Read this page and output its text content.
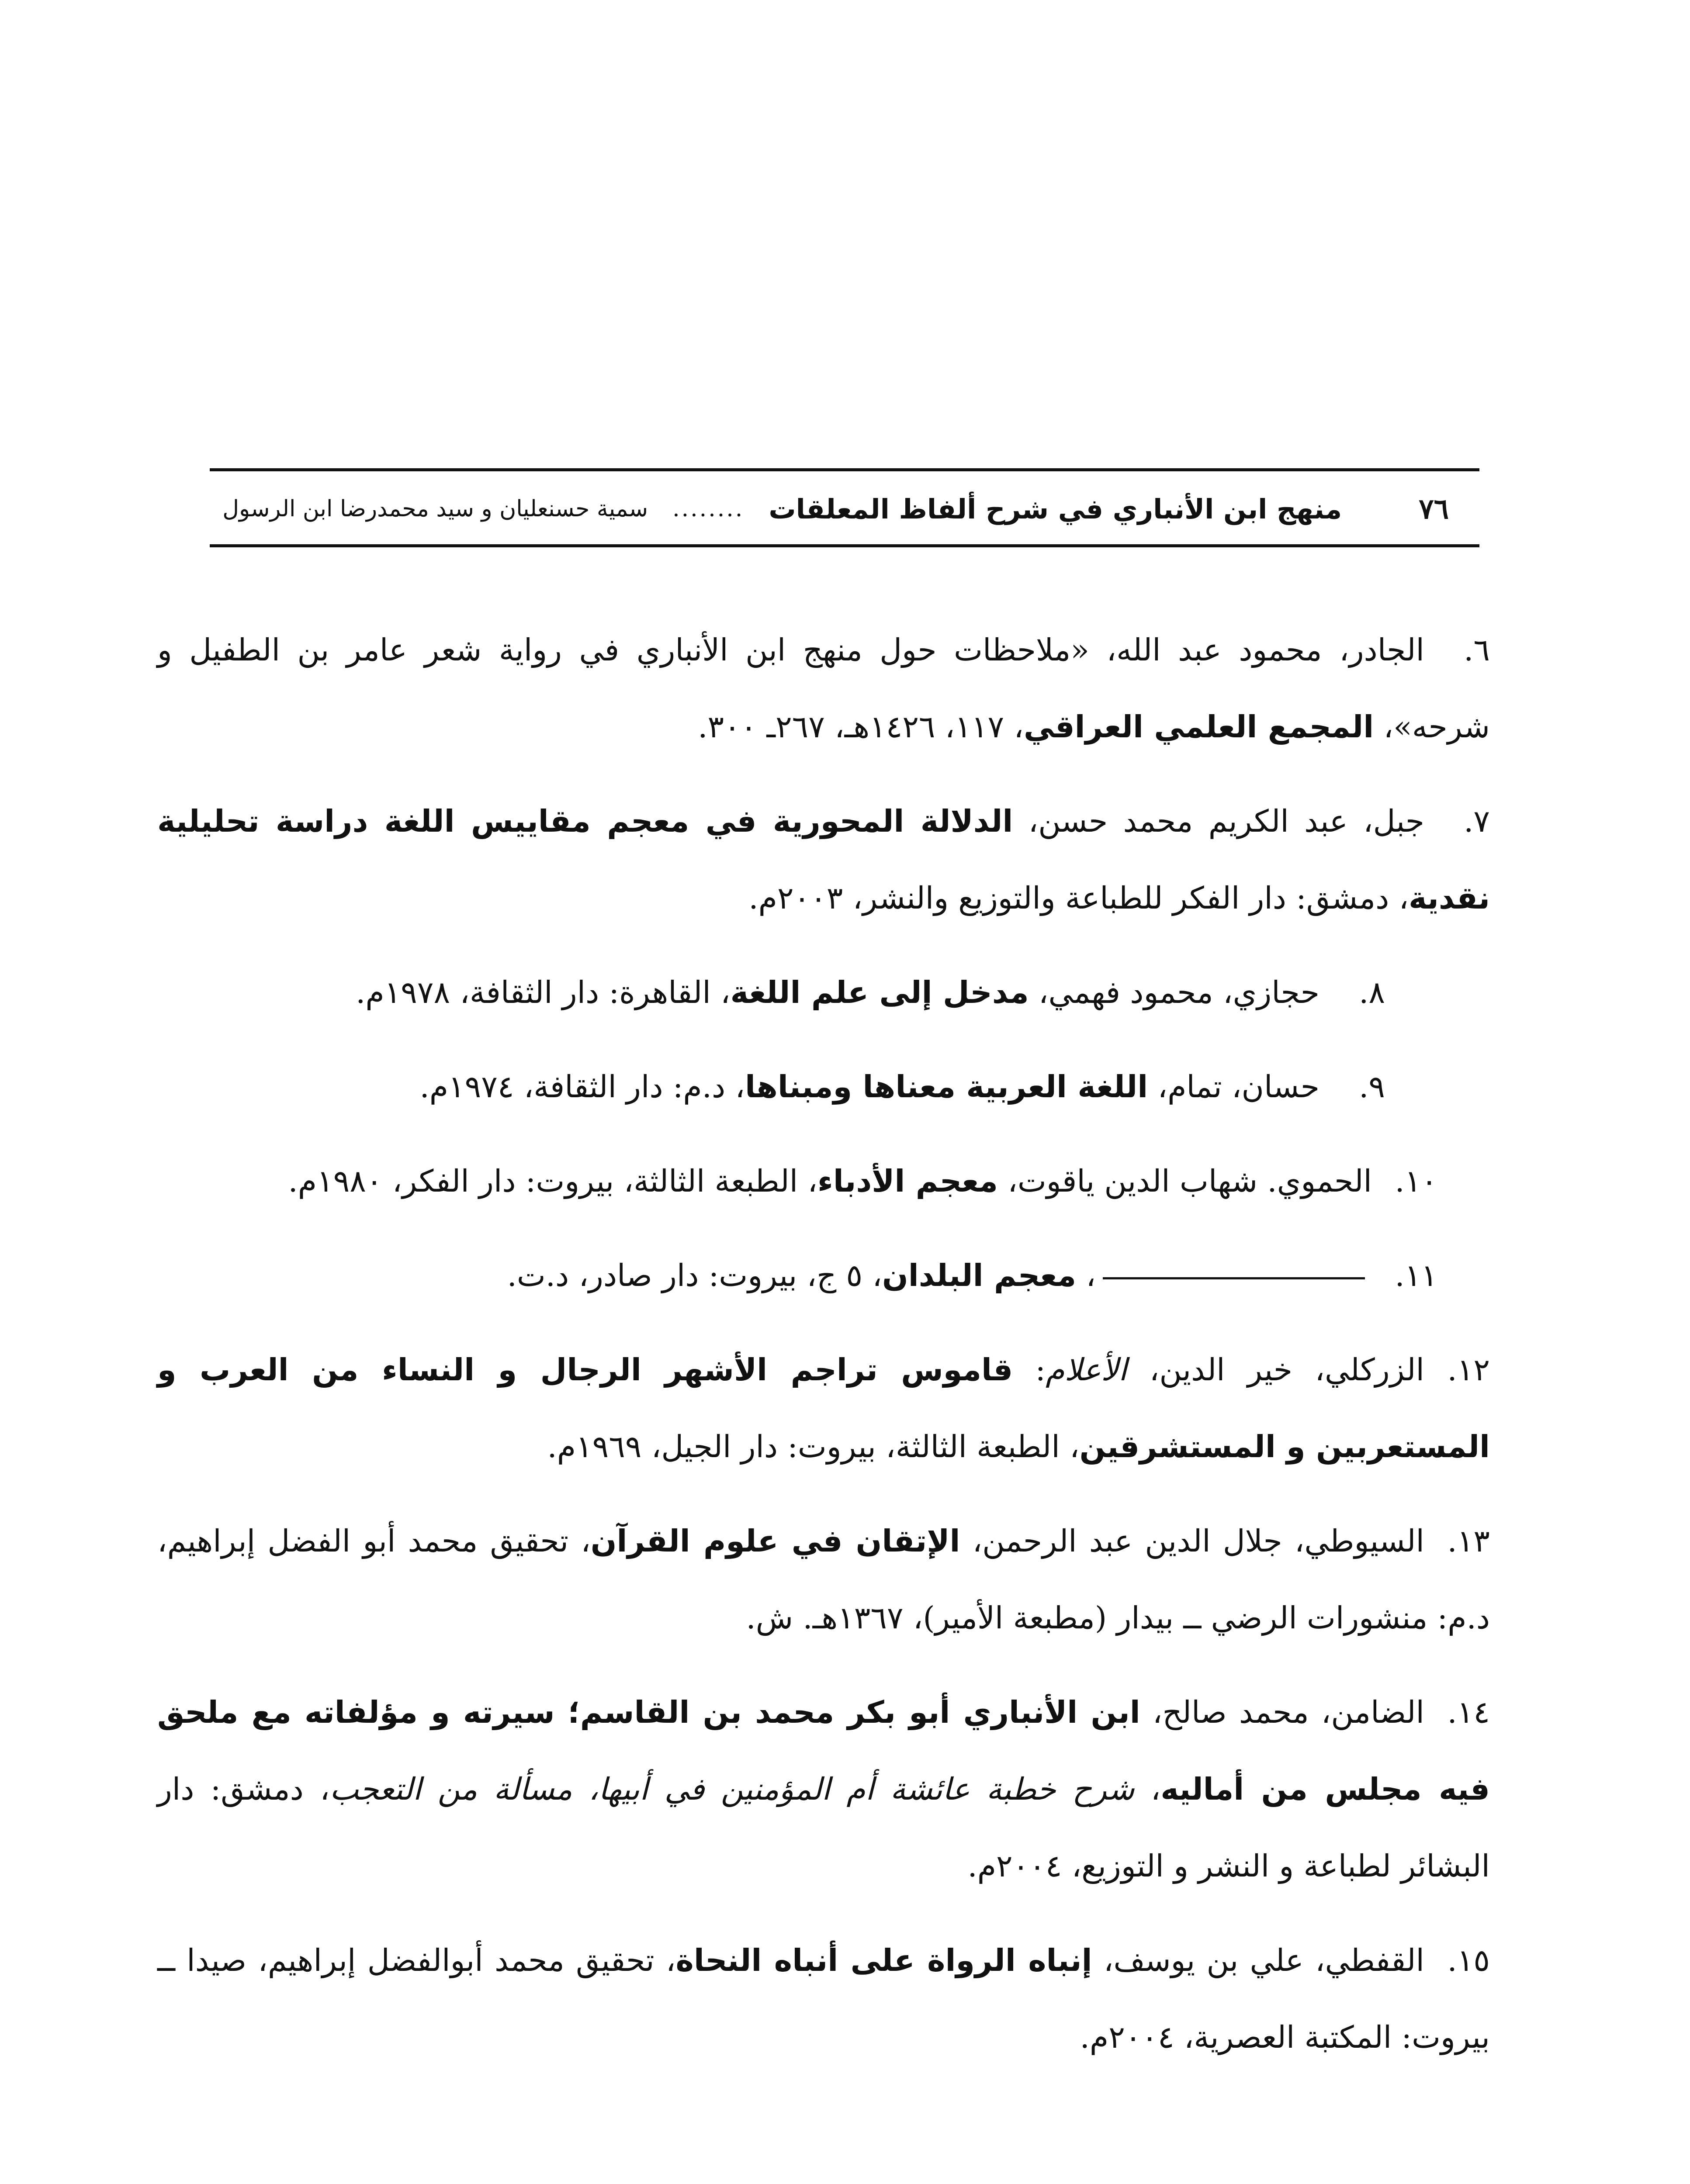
٧٦
منهج ابن الأنباري في شرح ألفاظ المعلقات
........
سمية حسنعليان و سيد محمدرضا ابن الرسول

٦.الجادر، محمود عبد الله، «ملاحظات حول منهج ابن الأنباري في رواية شعر عامر بن الطفيل و شرحه»، المجمع العلمي العراقي، ١١٧، ١٤٢٦هـ، ٢٦٧ـ ٣٠٠.

٧.جبل، عبد الكريم محمد حسن، الدلالة المحورية في معجم مقاييس اللغة دراسة تحليلية نقدية، دمشق: دار الفكر للطباعة والتوزيع والنشر، ٢٠٠٣م.

٨.حجازي، محمود فهمي، مدخل إلى علم اللغة، القاهرة: دار الثقافة، ١٩٧٨م.

٩.حسان، تمام، اللغة العربية معناها ومبناها، د.م: دار الثقافة، ١٩٧٤م.

١٠.الحموي. شهاب الدين ياقوت، معجم الأدباء، الطبعة الثالثة، بيروت: دار الفكر، ١٩٨٠م.

١١.، معجم البلدان، ٥ ج، بيروت: دار صادر، د.ت.

١٢.الزركلي، خير الدين، الأعلام: قاموس تراجم الأشهر الرجال و النساء من العرب و المستعربين و المستشرقين، الطبعة الثالثة، بيروت: دار الجيل، ١٩٦٩م.

١٣.السيوطي، جلال الدين عبد الرحمن، الإتقان في علوم القرآن، تحقيق محمد أبو الفضل إبراهيم، د.م: منشورات الرضي ــ بيدار (مطبعة الأمير)، ١٣٦٧هـ. ش.

١٤.الضامن، محمد صالح، ابن الأنباري أبو بكر محمد بن القاسم؛ سيرته و مؤلفاته مع ملحق فيه مجلس من أماليه، شرح خطبة عائشة أم المؤمنين في أبيها، مسألة من التعجب، دمشق: دار البشائر لطباعة و النشر و التوزيع، ٢٠٠٤م.

١٥.القفطي، علي بن يوسف، إنباه الرواة على أنباه النحاة، تحقيق محمد أبوالفضل إبراهيم، صيدا ــ بيروت: المكتبة العصرية، ٢٠٠٤م.
